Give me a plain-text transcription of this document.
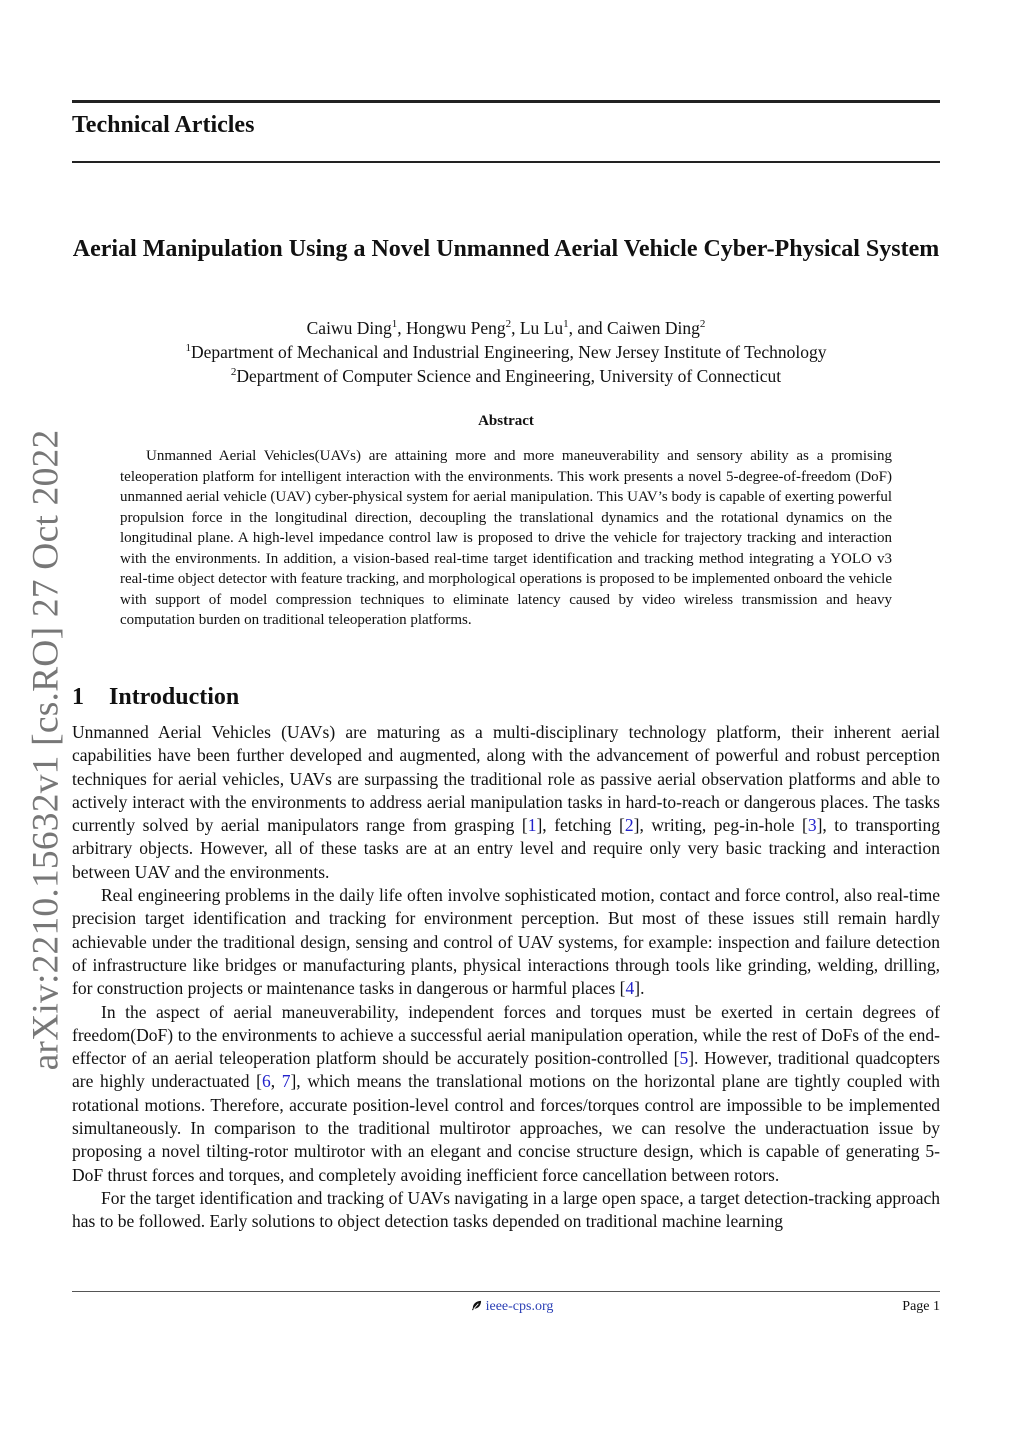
Technical Articles
arXiv:2210.15632v1 [cs.RO] 27 Oct 2022
Aerial Manipulation Using a Novel Unmanned Aerial Vehicle Cyber-Physical System
Caiwu Ding$^1$, Hongwu Peng$^2$, Lu Lu$^1$, and Caiwen Ding$^2$
$^1$Department of Mechanical and Industrial Engineering, New Jersey Institute of Technology
$^2$Department of Computer Science and Engineering, University of Connecticut
Abstract

Unmanned Aerial Vehicles(UAVs) are attaining more and more maneuverability and sensory ability as a promising teleoperation platform for intelligent interaction with the environments. This work presents a novel 5-degree-of-freedom (DoF) unmanned aerial vehicle (UAV) cyber-physical system for aerial manipulation. This UAV’s body is capable of exerting powerful propulsion force in the longitudinal direction, decoupling the translational dynamics and the rotational dynamics on the longitudinal plane. A high-level impedance control law is proposed to drive the vehicle for trajectory tracking and interaction with the environments. In addition, a vision-based real-time target identification and tracking method integrating a YOLO v3 real-time object detector with feature tracking, and morphological operations is proposed to be implemented onboard the vehicle with support of model compression techniques to eliminate latency caused by video wireless transmission and heavy computation burden on traditional teleoperation platforms.

1 Introduction

Unmanned Aerial Vehicles (UAVs) are maturing as a multi-disciplinary technology platform, their inherent aerial capabilities have been further developed and augmented, along with the advancement of powerful and robust perception techniques for aerial vehicles, UAVs are surpassing the traditional role as passive aerial observation platforms and able to actively interact with the environments to address aerial manipulation tasks in hard-to-reach or dangerous places. The tasks currently solved by aerial manipulators range from grasping [1], fetching [2], writing, peg-in-hole [3], to transporting arbitrary objects. However, all of these tasks are at an entry level and require only very basic tracking and interaction between UAV and the environments.

Real engineering problems in the daily life often involve sophisticated motion, contact and force control, also real-time precision target identification and tracking for environment perception. But most of these issues still remain hardly achievable under the traditional design, sensing and control of UAV systems, for example: inspection and failure detection of infrastructure like bridges or manufacturing plants, physical interactions through tools like grinding, welding, drilling, for construction projects or maintenance tasks in dangerous or harmful places [4].

In the aspect of aerial maneuverability, independent forces and torques must be exerted in certain degrees of freedom(DoF) to the environments to achieve a successful aerial manipulation operation, while the rest of DoFs of the end-effector of an aerial teleoperation platform should be accurately position-controlled [5]. However, traditional quadcopters are highly underactuated [6, 7], which means the translational motions on the horizontal plane are tightly coupled with rotational motions. Therefore, accurate position-level control and forces/torques control are impossible to be implemented simultaneously. In comparison to the traditional multirotor approaches, we can resolve the underactuation issue by proposing a novel tilting-rotor multirotor with an elegant and concise structure design, which is capable of generating 5-DoF thrust forces and torques, and completely avoiding inefficient force cancellation between rotors.

For the target identification and tracking of UAVs navigating in a large open space, a target detection-tracking approach has to be followed. Early solutions to object detection tasks depended on traditional machine learning

ieee-cps.org	Page 1
